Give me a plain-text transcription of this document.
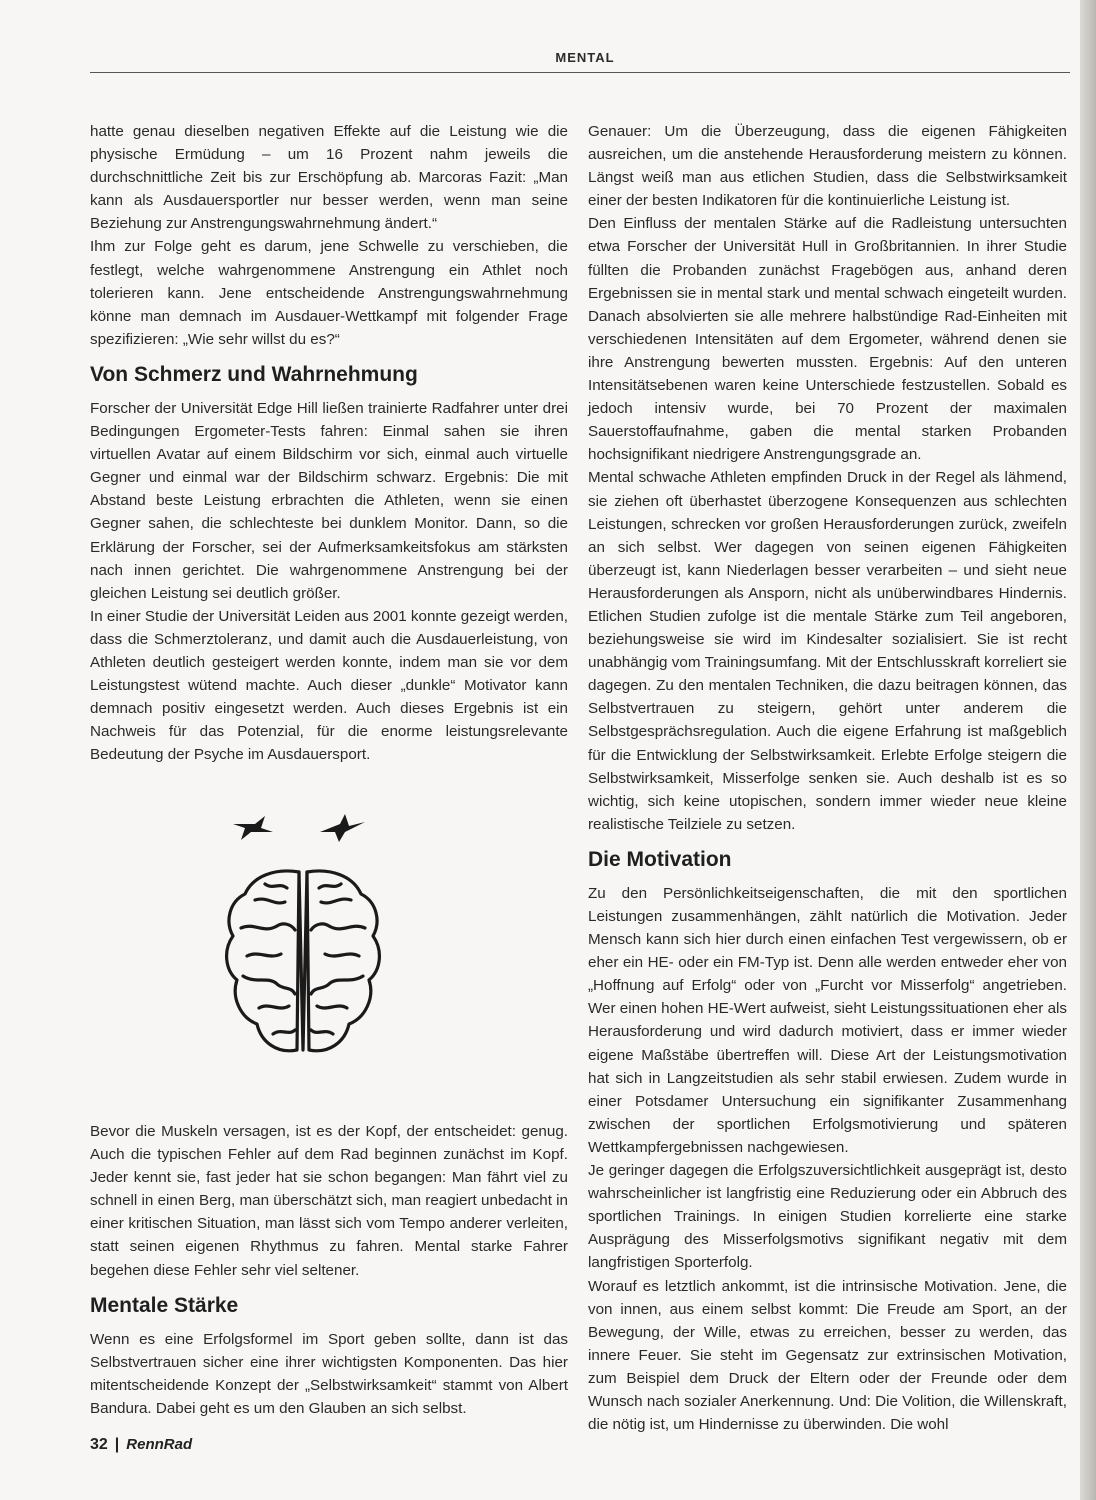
MENTAL

hatte genau dieselben negativen Effekte auf die Leistung wie die physische Ermüdung – um 16 Prozent nahm jeweils die durchschnittliche Zeit bis zur Erschöpfung ab. Marcoras Fazit: „Man kann als Ausdauersportler nur besser werden, wenn man seine Beziehung zur Anstrengungswahrnehmung ändert.“

Ihm zur Folge geht es darum, jene Schwelle zu verschieben, die festlegt, welche wahrgenommene Anstrengung ein Athlet noch tolerieren kann. Jene entscheidende Anstrengungswahrnehmung könne man demnach im Ausdauer-Wettkampf mit folgender Frage spezifizieren: „Wie sehr willst du es?“

Von Schmerz und Wahrnehmung

Forscher der Universität Edge Hill ließen trainierte Radfahrer unter drei Bedingungen Ergometer-Tests fahren: Einmal sahen sie ihren virtuellen Avatar auf einem Bildschirm vor sich, einmal auch virtuelle Gegner und einmal war der Bildschirm schwarz. Ergebnis: Die mit Abstand beste Leistung erbrachten die Athleten, wenn sie einen Gegner sahen, die schlechteste bei dunklem Monitor. Dann, so die Erklärung der Forscher, sei der Aufmerksamkeitsfokus am stärksten nach innen gerichtet. Die wahrgenommene Anstrengung bei der gleichen Leistung sei deutlich größer.

In einer Studie der Universität Leiden aus 2001 konnte gezeigt werden, dass die Schmerztoleranz, und damit auch die Ausdauerleistung, von Athleten deutlich gesteigert werden konnte, indem man sie vor dem Leistungstest wütend machte. Auch dieser „dunkle“ Motivator kann demnach positiv eingesetzt werden. Auch dieses Ergebnis ist ein Nachweis für das Potenzial, für die enorme leistungsrelevante Bedeutung der Psyche im Ausdauersport.

Bevor die Muskeln versagen, ist es der Kopf, der entscheidet: genug. Auch die typischen Fehler auf dem Rad beginnen zunächst im Kopf. Jeder kennt sie, fast jeder hat sie schon begangen: Man fährt viel zu schnell in einen Berg, man überschätzt sich, man reagiert unbedacht in einer kritischen Situation, man lässt sich vom Tempo anderer verleiten, statt seinen eigenen Rhythmus zu fahren. Mental starke Fahrer begehen diese Fehler sehr viel seltener.

Mentale Stärke

Wenn es eine Erfolgsformel im Sport geben sollte, dann ist das Selbstvertrauen sicher eine ihrer wichtigsten Komponenten. Das hier mitentscheidende Konzept der „Selbstwirksamkeit“ stammt von Albert Bandura. Dabei geht es um den Glauben an sich selbst.

Genauer: Um die Überzeugung, dass die eigenen Fähigkeiten ausreichen, um die anstehende Herausforderung meistern zu können. Längst weiß man aus etlichen Studien, dass die Selbstwirksamkeit einer der besten Indikatoren für die kontinuierliche Leistung ist.

Den Einfluss der mentalen Stärke auf die Radleistung untersuchten etwa Forscher der Universität Hull in Großbritannien. In ihrer Studie füllten die Probanden zunächst Fragebögen aus, anhand deren Ergebnissen sie in mental stark und mental schwach eingeteilt wurden. Danach absolvierten sie alle mehrere halbstündige Rad-Einheiten mit verschiedenen Intensitäten auf dem Ergometer, während denen sie ihre Anstrengung bewerten mussten. Ergebnis: Auf den unteren Intensitätsebenen waren keine Unterschiede festzustellen. Sobald es jedoch intensiv wurde, bei 70 Prozent der maximalen Sauerstoffaufnahme, gaben die mental starken Probanden hochsignifikant niedrigere Anstrengungsgrade an.

Mental schwache Athleten empfinden Druck in der Regel als lähmend, sie ziehen oft überhastet überzogene Konsequenzen aus schlechten Leistungen, schrecken vor großen Herausforderungen zurück, zweifeln an sich selbst. Wer dagegen von seinen eigenen Fähigkeiten überzeugt ist, kann Niederlagen besser verarbeiten – und sieht neue Herausforderungen als Ansporn, nicht als unüberwindbares Hindernis. Etlichen Studien zufolge ist die mentale Stärke zum Teil angeboren, beziehungsweise sie wird im Kindesalter sozialisiert. Sie ist recht unabhängig vom Trainingsumfang. Mit der Entschlusskraft korreliert sie dagegen. Zu den mentalen Techniken, die dazu beitragen können, das Selbstvertrauen zu steigern, gehört unter anderem die Selbstgesprächsregulation. Auch die eigene Erfahrung ist maßgeblich für die Entwicklung der Selbstwirksamkeit. Erlebte Erfolge steigern die Selbstwirksamkeit, Misserfolge senken sie. Auch deshalb ist es so wichtig, sich keine utopischen, sondern immer wieder neue kleine realistische Teilziele zu setzen.

Die Motivation

Zu den Persönlichkeitseigenschaften, die mit den sportlichen Leistungen zusammenhängen, zählt natürlich die Motivation. Jeder Mensch kann sich hier durch einen einfachen Test vergewissern, ob er eher ein HE- oder ein FM-Typ ist. Denn alle werden entweder eher von „Hoffnung auf Erfolg“ oder von „Furcht vor Misserfolg“ angetrieben. Wer einen hohen HE-Wert aufweist, sieht Leistungssituationen eher als Herausforderung und wird dadurch motiviert, dass er immer wieder eigene Maßstäbe übertreffen will. Diese Art der Leistungsmotivation hat sich in Langzeitstudien als sehr stabil erwiesen. Zudem wurde in einer Potsdamer Untersuchung ein signifikanter Zusammenhang zwischen der sportlichen Erfolgsmotivierung und späteren Wettkampfergebnissen nachgewiesen.

Je geringer dagegen die Erfolgszuversichtlichkeit ausgeprägt ist, desto wahrscheinlicher ist langfristig eine Reduzierung oder ein Abbruch des sportlichen Trainings. In einigen Studien korrelierte eine starke Ausprägung des Misserfolgsmotivs signifikant negativ mit dem langfristigen Sporterfolg.

Worauf es letztlich ankommt, ist die intrinsische Motivation. Jene, die von innen, aus einem selbst kommt: Die Freude am Sport, an der Bewegung, der Wille, etwas zu erreichen, besser zu werden, das innere Feuer. Sie steht im Gegensatz zur extrinsischen Motivation, zum Beispiel dem Druck der Eltern oder der Freunde oder dem Wunsch nach sozialer Anerkennung. Und: Die Volition, die Willenskraft, die nötig ist, um Hindernisse zu überwinden. Die wohl

32 | RennRad
